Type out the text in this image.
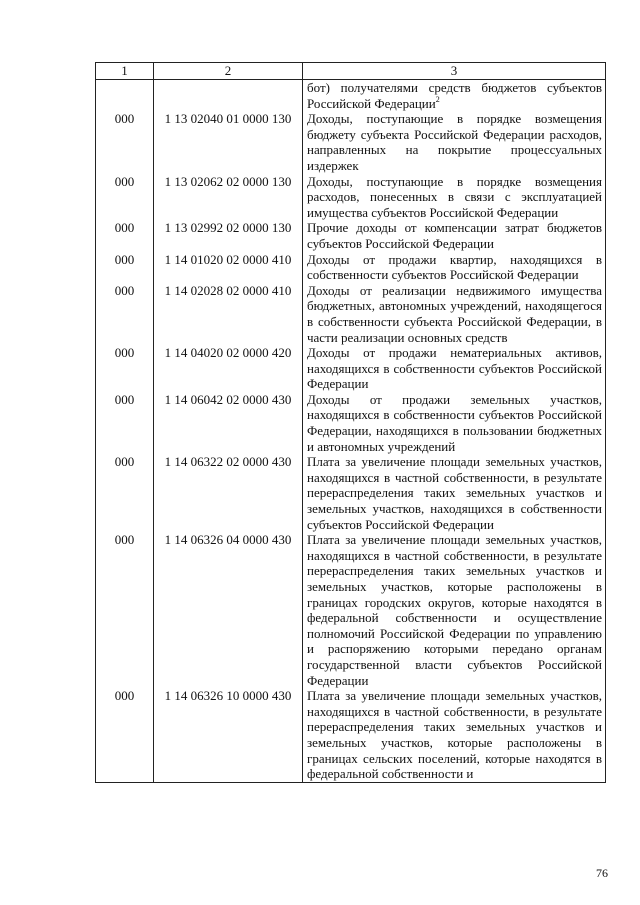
1	2	3

		бот) получателями средств бюджетов субъектов Российской Федерации$^2$

000	1 13 02040 01 0000 130	Доходы, поступающие в порядке возмещения бюджету субъекта Российской Федерации расходов, направленных на покрытие процессуальных издержек

000	1 13 02062 02 0000 130	Доходы, поступающие в порядке возмещения расходов, понесенных в связи с эксплуатацией имущества субъектов Российской Федерации

000	1 13 02992 02 0000 130	Прочие доходы от компенсации затрат бюджетов субъектов Российской Федерации

000	1 14 01020 02 0000 410	Доходы от продажи квартир, находящихся в собственности субъектов Российской Федерации

000	1 14 02028 02 0000 410	Доходы от реализации недвижимого имущества бюджетных, автономных учреждений, находящегося в собственности субъекта Российской Федерации, в части реализации основных средств

000	1 14 04020 02 0000 420	Доходы от продажи нематериальных активов, находящихся в собственности субъектов Российской Федерации

000	1 14 06042 02 0000 430	Доходы от продажи земельных участков, находящихся в собственности субъектов Российской Федерации, находящихся в пользовании бюджетных и автономных учреждений

000	1 14 06322 02 0000 430	Плата за увеличение площади земельных участков, находящихся в частной собственности, в результате перераспределения таких земельных участков и земельных участков, находящихся в собственности субъектов Российской Федерации

000	1 14 06326 04 0000 430	Плата за увеличение площади земельных участков, находящихся в частной собственности, в результате перераспределения таких земельных участков и земельных участков, которые расположены в границах городских округов, которые находятся в федеральной собственности и осуществление полномочий Российской Федерации по управлению и распоряжению которыми передано органам государственной власти субъектов Российской Федерации

000	1 14 06326 10 0000 430	Плата за увеличение площади земельных участков, находящихся в частной собственности, в результате перераспределения таких земельных участков и земельных участков, которые расположены в границах сельских поселений, которые находятся в федеральной собственности и
76
